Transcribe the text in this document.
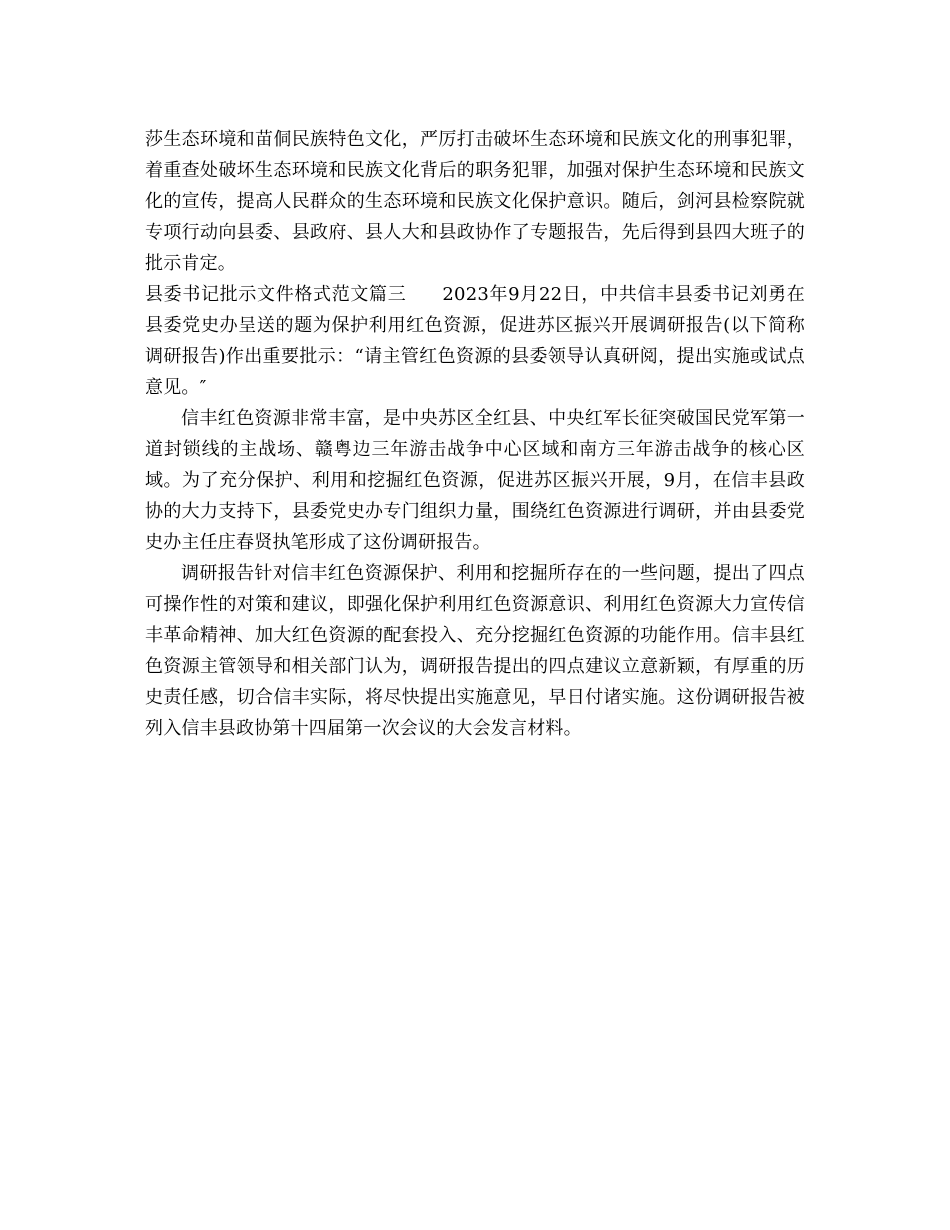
莎生态环境和苗侗民族特色文化，严厉打击破坏生态环境和民族文化的刑事犯罪，着重查处破坏生态环境和民族文化背后的职务犯罪，加强对保护生态环境和民族文化的宣传，提高人民群众的生态环境和民族文化保护意识。随后，剑河县检察院就专项行动向县委、县政府、县人大和县政协作了专题报告，先后得到县四大班子的批示肯定。

县委书记批示文件格式范文篇三 2023年9月22日，中共信丰县委书记刘勇在县委党史办呈送的题为保护利用红色资源，促进苏区振兴开展调研报告(以下简称调研报告)作出重要批示：“请主管红色资源的县委领导认真研阅，提出实施或试点意见。″

信丰红色资源非常丰富，是中央苏区全红县、中央红军长征突破国民党军第一道封锁线的主战场、赣粤边三年游击战争中心区域和南方三年游击战争的核心区域。为了充分保护、利用和挖掘红色资源，促进苏区振兴开展，9月，在信丰县政协的大力支持下，县委党史办专门组织力量，围绕红色资源进行调研，并由县委党史办主任庄春贤执笔形成了这份调研报告。

调研报告针对信丰红色资源保护、利用和挖掘所存在的一些问题，提出了四点可操作性的对策和建议，即强化保护利用红色资源意识、利用红色资源大力宣传信丰革命精神、加大红色资源的配套投入、充分挖掘红色资源的功能作用。信丰县红色资源主管领导和相关部门认为，调研报告提出的四点建议立意新颖，有厚重的历史责任感，切合信丰实际，将尽快提出实施意见，早日付诸实施。这份调研报告被列入信丰县政协第十四届第一次会议的大会发言材料。
